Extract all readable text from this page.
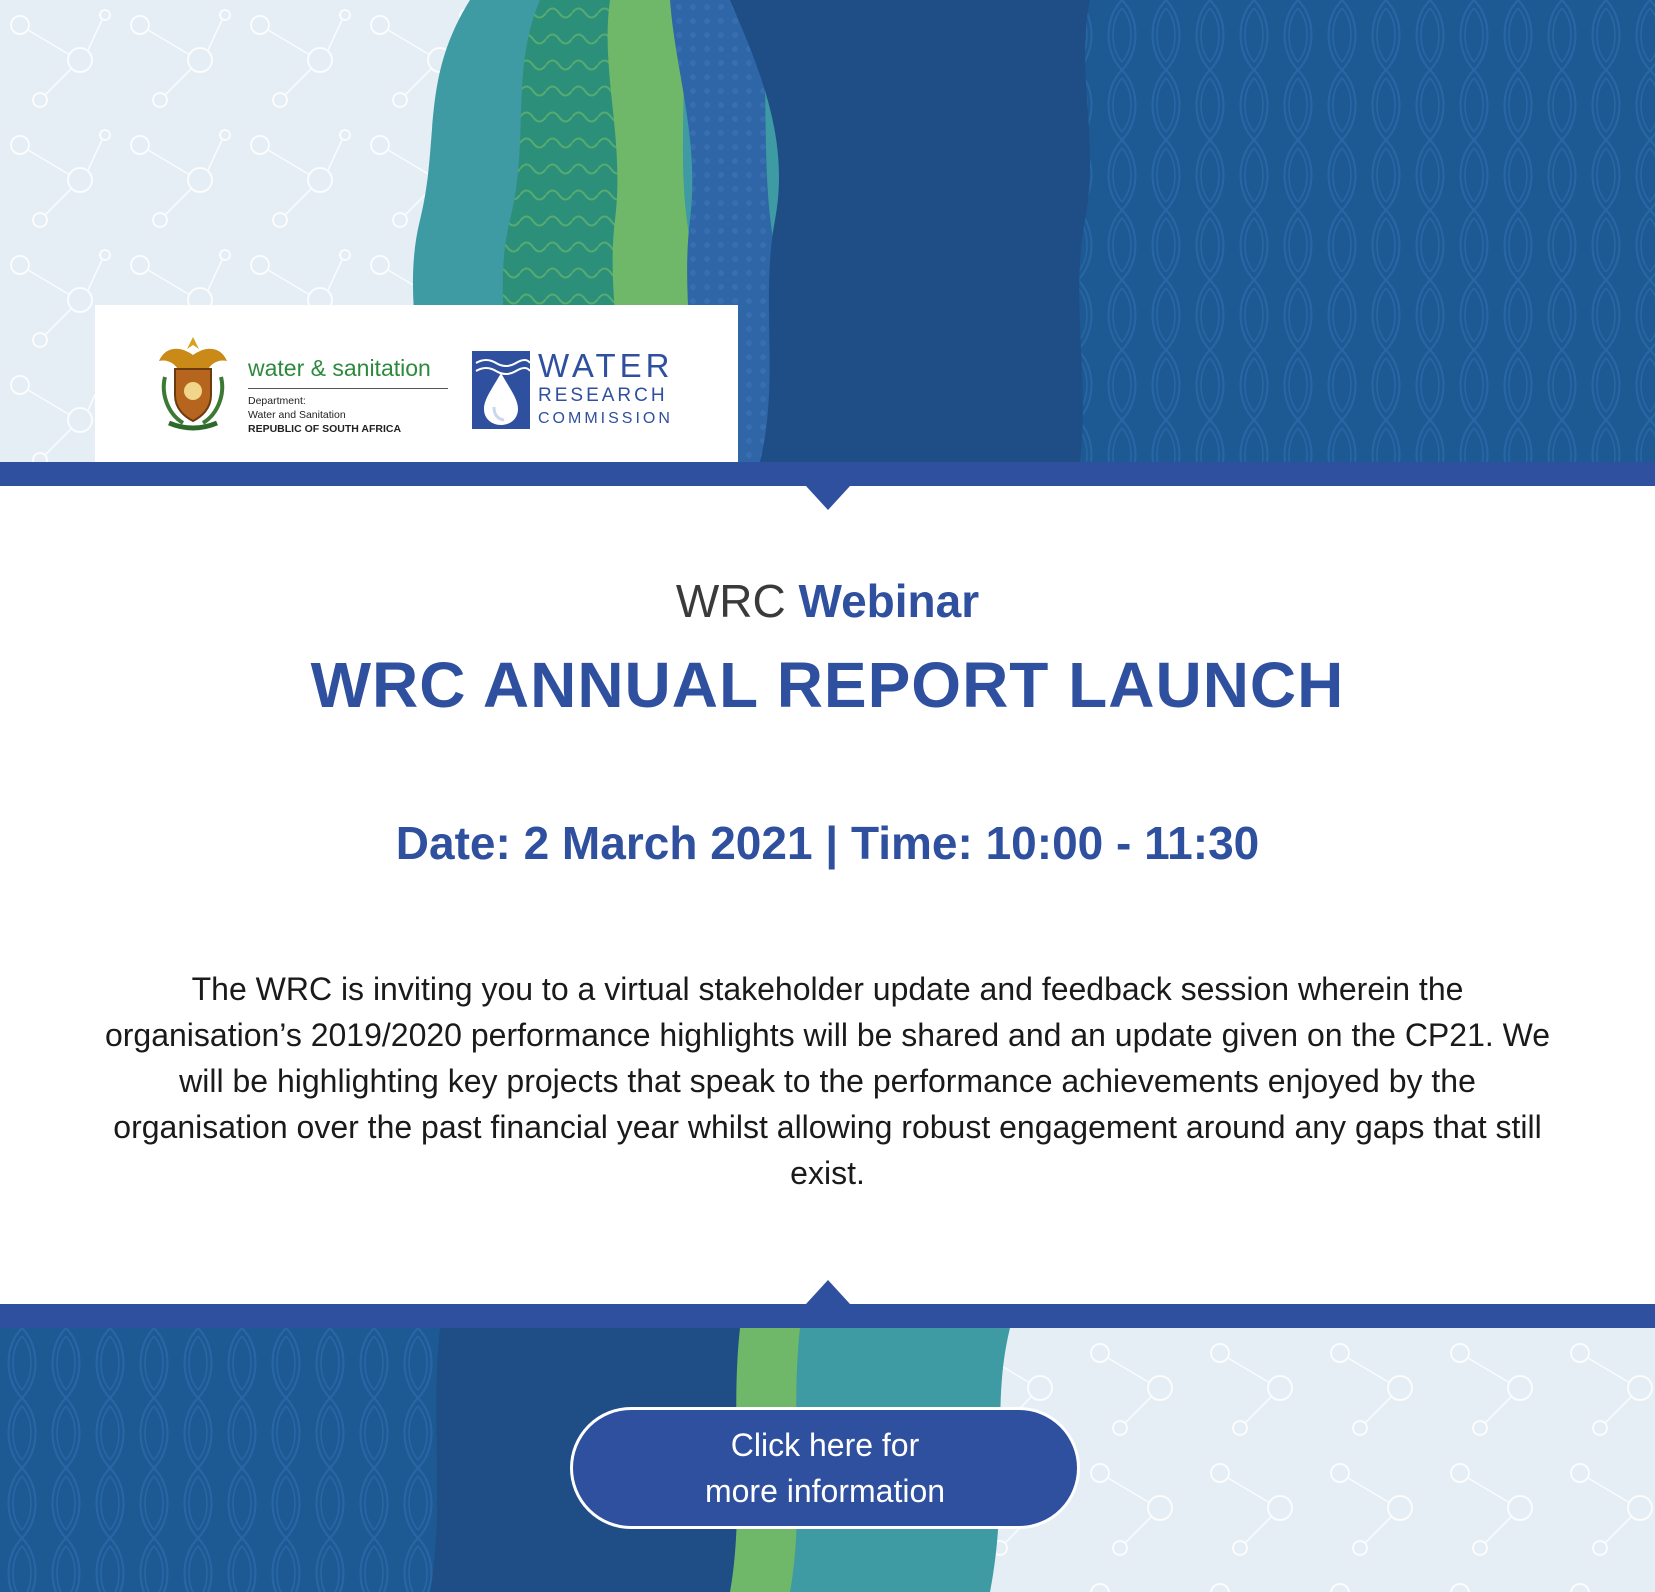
water & sanitation
Department:
Water and Sanitation
REPUBLIC OF SOUTH AFRICA
WATER
RESEARCH
COMMISSION
WRC Webinar
WRC ANNUAL REPORT LAUNCH
Date: 2 March 2021 | Time: 10:00 - 11:30

The WRC is inviting you to a virtual stakeholder update and feedback session wherein the organisation’s 2019/2020 performance highlights will be shared and an update given on the CP21. We will be highlighting key projects that speak to the performance achievements enjoyed by the organisation over the past financial year whilst allowing robust engagement around any gaps that still exist.

Click here for
more information
